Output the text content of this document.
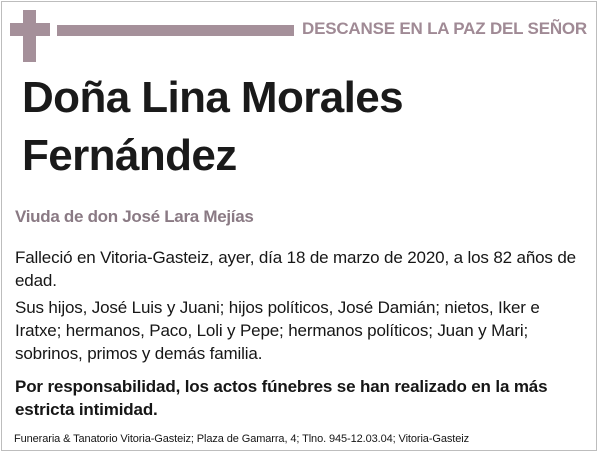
DESCANSE EN LA PAZ DEL SEÑOR
Doña Lina Morales
Fernández
Viuda de don José Lara Mejías
Falleció en Vitoria-Gasteiz, ayer, día 18 de marzo de 2020, a los 82 años de edad.
Sus hijos, José Luis y Juani; hijos políticos, José Damián; nietos, Iker e Iratxe; hermanos, Paco, Loli y Pepe; hermanos políticos; Juan y Mari; sobrinos, primos y demás familia.
Por responsabilidad, los actos fúnebres se han realizado en la más estricta intimidad.
Funeraria & Tanatorio Vitoria-Gasteiz; Plaza de Gamarra, 4; Tlno. 945-12.03.04; Vitoria-Gasteiz
